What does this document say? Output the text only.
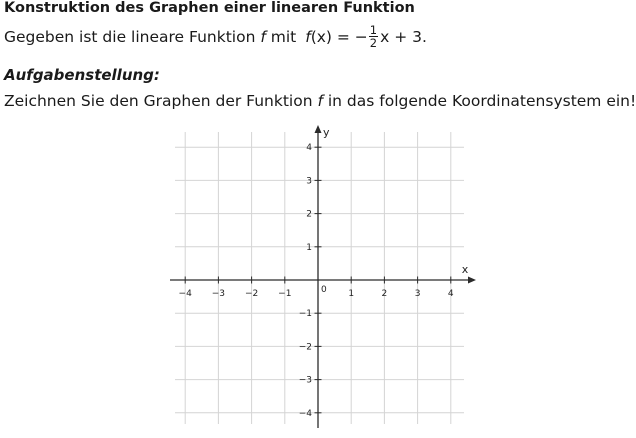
Konstruktion des Graphen einer linearen Funktion
Gegeben ist die lineare Funktion
f
mit f (x) = − $\frac{1}{2}$ x + 3.
Aufgabenstellung:
Zeichnen Sie den Graphen der Funktion f in das folgende Koordinatensystem ein!
−4 −3 −2 −1	1	2	3	4
4
3
2
1
−1
−2
−3
−4
x
y
0
